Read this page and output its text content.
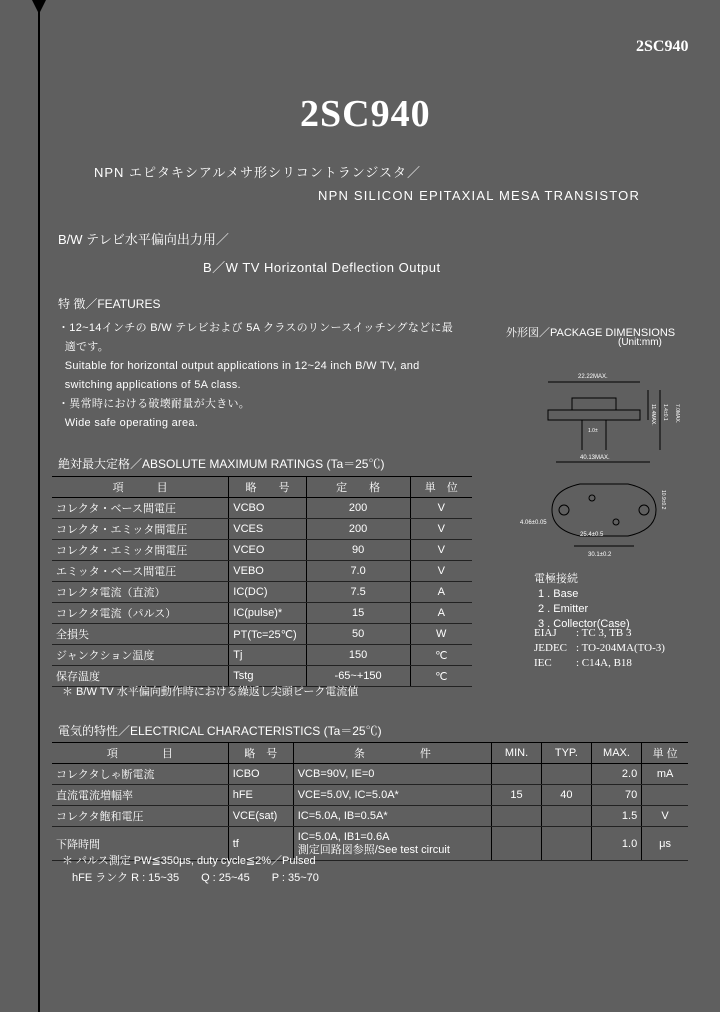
2SC940
2SC940
NPN エピタキシアルメサ形シリコントランジスタ／
NPN SILICON EPITAXIAL MESA TRANSISTOR
B/W テレビ水平偏向出力用／
B／W TV Horizontal Deflection Output
特 徴／FEATURES
・12~14インチの B/W テレビおよび 5A クラスのリンースイッチングなどに最
適です。
Suitable for horizontal output applications in 12~24 inch B/W TV, and
switching applications of 5A class.
・異常時における破壊耐量が大きい。
Wide safe operating area.
絶対最大定格／ABSOLUTE MAXIMUM RATINGS (Ta＝25℃)
項　　　目	略　　号	定　　格	単　位
コレクタ・ベース間電圧	VCBO	200	V
コレクタ・エミッタ間電圧	VCES	200	V
コレクタ・エミッタ間電圧	VCEO	90	V
エミッタ・ベース間電圧	VEBO	7.0	V
コレクタ電流（直流）	IC(DC)	7.5	A
コレクタ電流（パルス）	IC(pulse)*	15	A
全損失	PT(Tc=25℃)	50	W
ジャンクション温度	Tj	150	℃
保存温度	Tstg	-65~+150	℃
＊ B/W TV 水平偏向動作時における繰返し尖頭ピーク電流値
電気的特性／ELECTRICAL CHARACTERISTICS (Ta＝25℃)
項　　　　目	略　号	条　　　　　件	MIN.	TYP.	MAX.	単 位
コレクタしゃ断電流	ICBO	VCB=90V, IE=0			2.0	mA
直流電流増幅率	hFE	VCE=5.0V, IC=5.0A*	15	40	70	
コレクタ飽和電圧	VCE(sat)	IC=5.0A, IB=0.5A*			1.5	V
下降時間	tf	IC=5.0A, IB1=0.6A
測定回路図参照/See test circuit			1.0	μs
＊ パルス測定 PW≦350μs, duty cycle≦2%／Pulsed
hFE ランク R : 15~35　　Q : 25~45　　P : 35~70
外形図／PACKAGE DIMENSIONS
(Unit:mm)
22.22MAX.
11.4MAX. 1.4±0.1 7.0MAX.
1.0±
40.13MAX.
4.06±0.05
10.9±0.2
30.1±0.2
25.4±0.5
電極接続
1 . Base
2 . Emitter
3 . Collector(Case)
EIAJ : TC 3, TB 3
JEDEC : TO-204MA(TO-3)
IEC : C14A, B18
